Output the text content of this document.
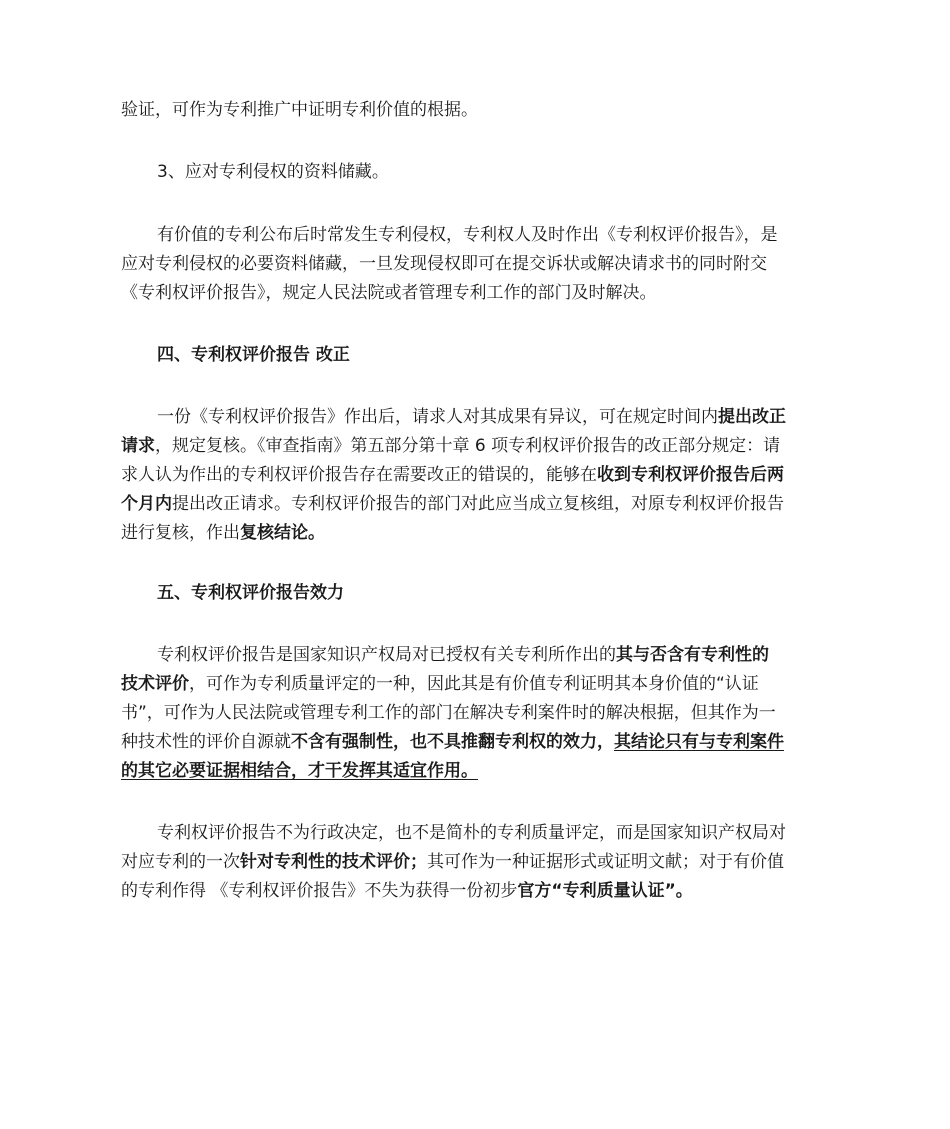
验证，可作为专利推广中证明专利价值的根据。
3、应对专利侵权的资料储藏。
有价值的专利公布后时常发生专利侵权，专利权人及时作出《专利权评价报告》，是
应对专利侵权的必要资料储藏，一旦发现侵权即可在提交诉状或解决请求书的同时附交
《专利权评价报告》，规定人民法院或者管理专利工作的部门及时解决。
四、专利权评价报告 改正
一份《专利权评价报告》作出后，请求人对其成果有异议，可在规定时间内提出改正
请求，规定复核。《审查指南》第五部分第十章 6 项专利权评价报告的改正部分规定：请
求人认为作出的专利权评价报告存在需要改正的错误的，能够在收到专利权评价报告后两
个月内提出改正请求。专利权评价报告的部门对此应当成立复核组，对原专利权评价报告
进行复核，作出复核结论。
五、专利权评价报告效力
专利权评价报告是国家知识产权局对已授权有关专利所作出的其与否含有专利性的
技术评价，可作为专利质量评定的一种，因此其是有价值专利证明其本身价值的“认证
书”，可作为人民法院或管理专利工作的部门在解决专利案件时的解决根据，但其作为一
种技术性的评价自源就不含有强制性，也不具推翻专利权的效力，其结论只有与专利案件
的其它必要证据相结合，才干发挥其适宜作用。
专利权评价报告不为行政决定，也不是简朴的专利质量评定，而是国家知识产权局对
对应专利的一次针对专利性的技术评价；其可作为一种证据形式或证明文献；对于有价值
的专利作得 《专利权评价报告》不失为获得一份初步官方“专利质量认证”。
